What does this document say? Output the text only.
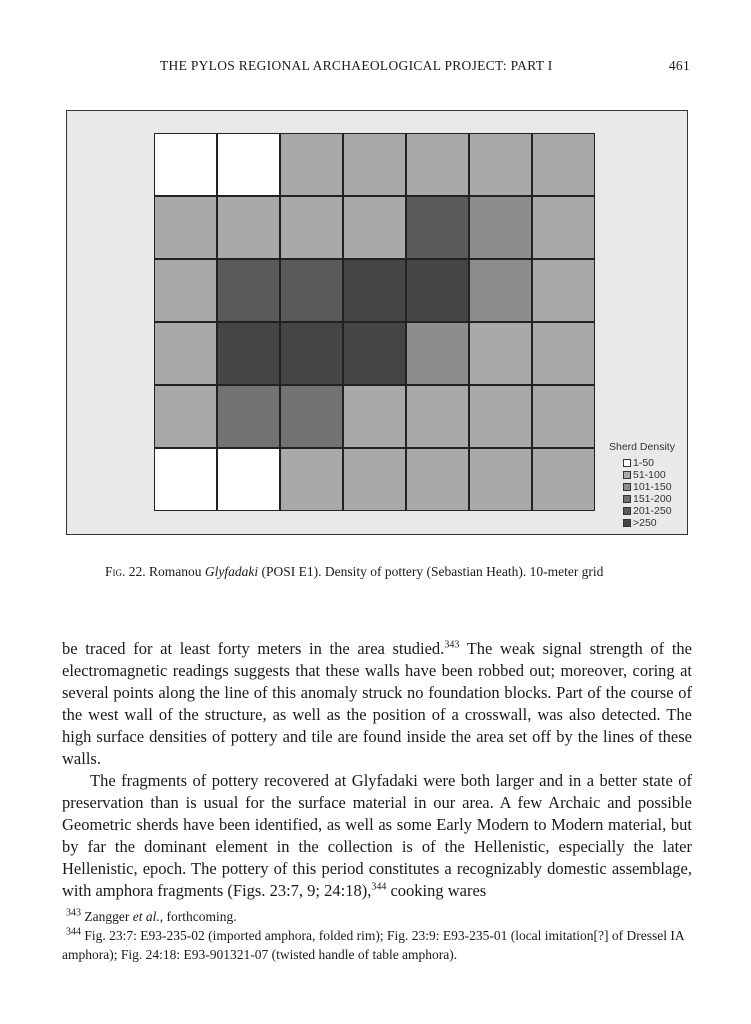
THE PYLOS REGIONAL ARCHAEOLOGICAL PROJECT: PART I	461
Sherd Density
1-50
51-100
101-150
151-200
201-250
>250
Fig. 22. Romanou Glyfadaki (POSI E1). Density of pottery (Sebastian Heath). 10-meter grid

be traced for at least forty meters in the area studied.$^{343}$ The weak signal strength of the electromagnetic readings suggests that these walls have been robbed out; moreover, coring at several points along the line of this anomaly struck no foundation blocks. Part of the course of the west wall of the structure, as well as the position of a crosswall, was also detected. The high surface densities of pottery and tile are found inside the area set off by the lines of these walls.

The fragments of pottery recovered at Glyfadaki were both larger and in a better state of preservation than is usual for the surface material in our area. A few Archaic and possible Geometric sherds have been identified, as well as some Early Modern to Modern material, but by far the dominant element in the collection is of the Hellenistic, especially the later Hellenistic, epoch. The pottery of this period constitutes a recognizably domestic assemblage, with amphora fragments (Figs. 23:7, 9; 24:18),$^{344}$ cooking wares

$^{343}$ Zangger et al., forthcoming.

$^{344}$ Fig. 23:7: E93-235-02 (imported amphora, folded rim); Fig. 23:9: E93-235-01 (local imitation[?] of Dressel IA amphora); Fig. 24:18: E93-901321-07 (twisted handle of table amphora).
